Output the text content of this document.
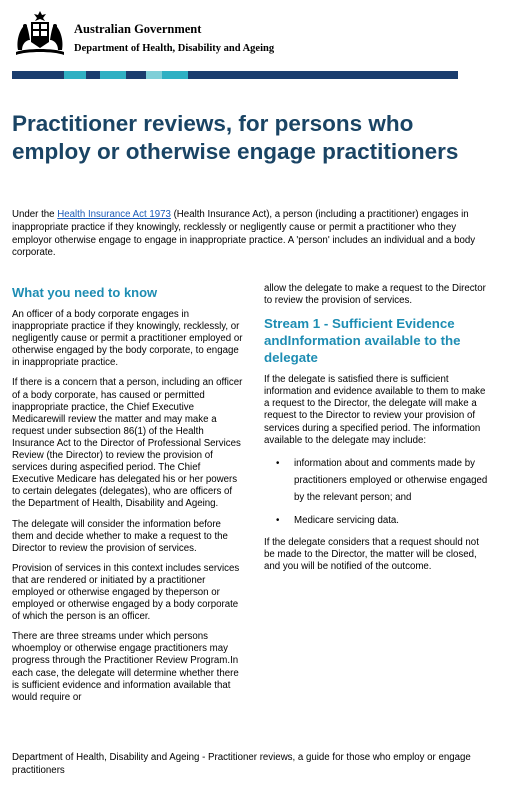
Australian Government
Department of Health, Disability and Ageing
Practitioner reviews, for persons who employ or otherwise engage practitioners

Under the Health Insurance Act 1973 (Health Insurance Act), a person (including a practitioner) engages in inappropriate practice if they knowingly, recklessly or negligently cause or permit a practitioner who they employor otherwise engage to engage in inappropriate practice. A 'person' includes an individual and a body corporate.

What you need to know

An officer of a body corporate engages in inappropriate practice if they knowingly, recklessly, or negligently cause or permit a practitioner employed or otherwise engaged by the body corporate, to engage in inappropriate practice.

If there is a concern that a person, including an officer of a body corporate, has caused or permitted inappropriate practice, the Chief Executive Medicarewill review the matter and may make a request under subsection 86(1) of the Health Insurance Act to the Director of Professional Services Review (the Director) to review the provision of services during aspecified period. The Chief Executive Medicare has delegated his or her powers to certain delegates (delegates), who are officers of the Department of Health, Disability and Ageing.

The delegate will consider the information before them and decide whether to make a request to the Director to review the provision of services.

Provision of services in this context includes services that are rendered or initiated by a practitioner employed or otherwise engaged by theperson or employed or otherwise engaged by a body corporate of which the person is an officer.

There are three streams under which persons whoemploy or otherwise engage practitioners may progress through the Practitioner Review Program.In each case, the delegate will determine whether there is sufficient evidence and information available that would require or

allow the delegate to make a request to the Director to review the provision of services.

Stream 1 - Sufficient Evidence andInformation available to the delegate

If the delegate is satisfied there is sufficient information and evidence available to them to make a request to the Director, the delegate will make a request to the Director to review your provision of services during a specified period. The information available to the delegate may include:

• information about and comments made by practitioners employed or otherwise engaged by the relevant person; and
• Medicare servicing data.

If the delegate considers that a request should not be made to the Director, the matter will be closed, and you will be notified of the outcome.

Department of Health, Disability and Ageing - Practitioner reviews, a guide for those who employ or engage practitioners
